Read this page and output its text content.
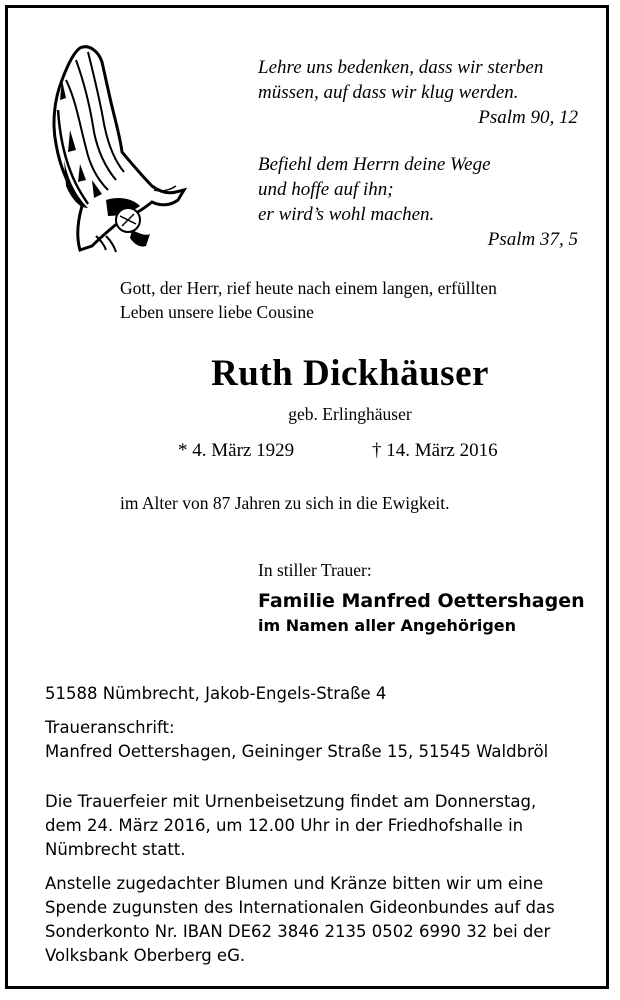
Lehre uns bedenken, dass wir sterben
müssen, auf dass wir klug werden.
Psalm 90, 12
Befiehl dem Herrn deine Wege
und hoffe auf ihn;
er wird’s wohl machen.
Psalm 37, 5
Gott, der Herr, rief heute nach einem langen, erfüllten
Leben unsere liebe Cousine
Ruth Dickhäuser
geb. Erlinghäuser
* 4. März 1929	† 14. März 2016
im Alter von 87 Jahren zu sich in die Ewigkeit.
In stiller Trauer:
Familie Manfred Oettershagen
im Namen aller Angehörigen
51588 Nümbrecht, Jakob-Engels-Straße 4
Traueranschrift:
Manfred Oettershagen, Geininger Straße 15, 51545 Waldbröl
Die Trauerfeier mit Urnenbeisetzung findet am Donnerstag,
dem 24. März 2016, um 12.00 Uhr in der Friedhofshalle in
Nümbrecht statt.
Anstelle zugedachter Blumen und Kränze bitten wir um eine
Spende zugunsten des Internationalen Gideonbundes auf das
Sonderkonto Nr. IBAN DE62 3846 2135 0502 6990 32 bei der
Volksbank Oberberg eG.
